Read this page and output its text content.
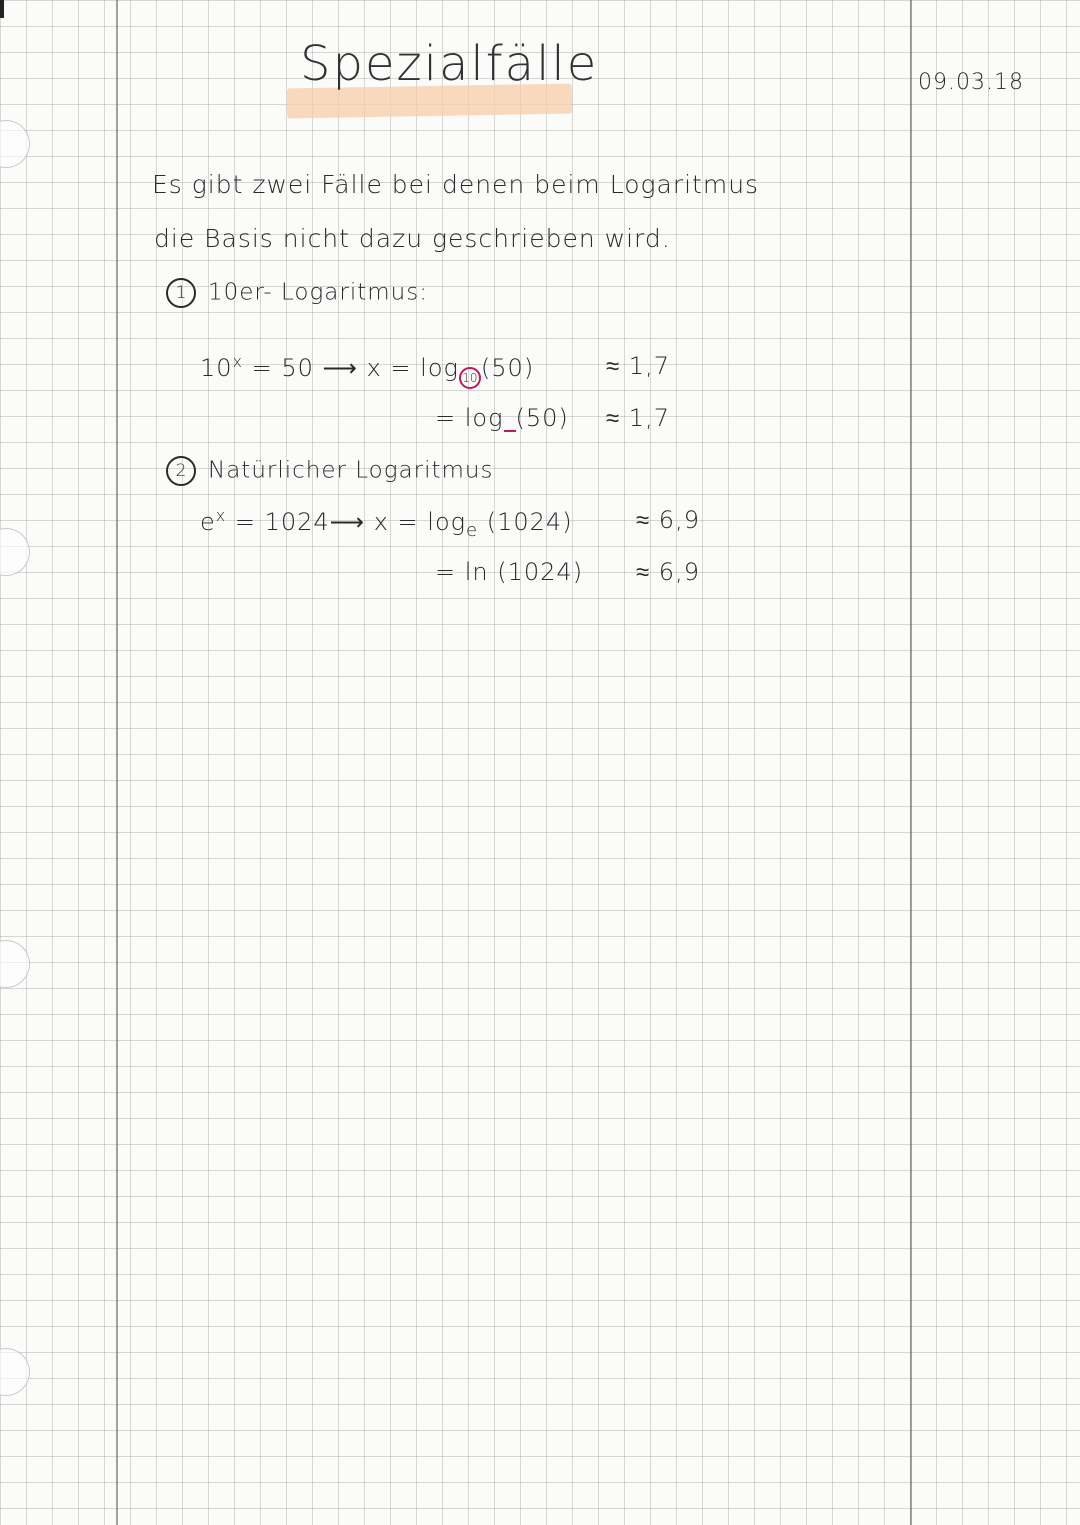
Spezialfälle	09.03.18
Es gibt zwei Fälle bei denen beim Logaritmus
die Basis nicht dazu geschrieben wird.
1 10er- Logaritmus:
$10^x = 50$ ⟶ x = log 10 (50)	≈ 1,7
= log (50) ≈ 1,7
2 Natürlicher Logaritmus
$e^x$ = 1024⟶ $x = \log_e (1024)$	≈ 6,9
= ln (1024) ≈ 6,9
